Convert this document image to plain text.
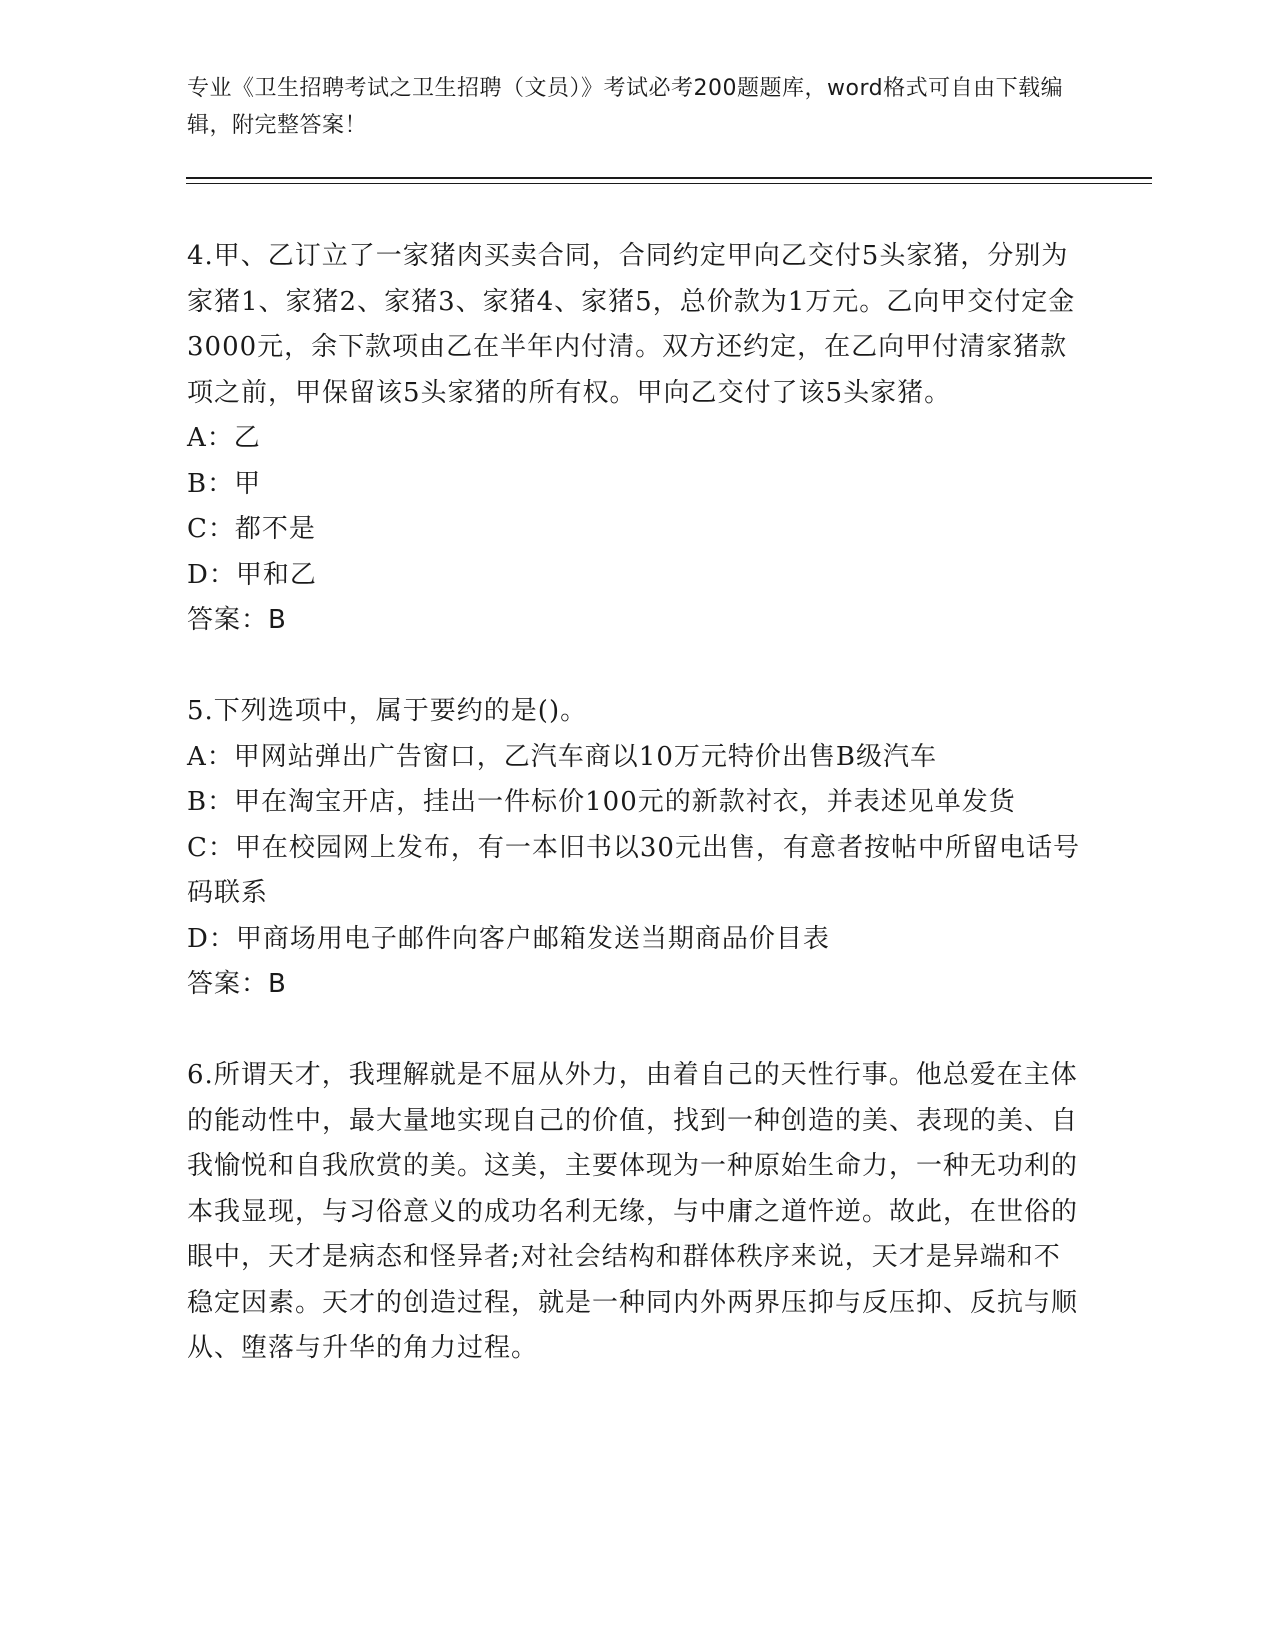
专业《卫生招聘考试之卫生招聘（文员）》考试必考200题题库，word格式可自由下载编辑，附完整答案！

4.甲、乙订立了一家猪肉买卖合同，合同约定甲向乙交付5头家猪，分别为家猪1、家猪2、家猪3、家猪4、家猪5，总价款为1万元。乙向甲交付定金3000元，余下款项由乙在半年内付清。双方还约定，在乙向甲付清家猪款项之前，甲保留该5头家猪的所有权。甲向乙交付了该5头家猪。

A：乙

B：甲

C：都不是

D：甲和乙

答案：B

5.下列选项中，属于要约的是()。

A：甲网站弹出广告窗口，乙汽车商以10万元特价出售B级汽车

B：甲在淘宝开店，挂出一件标价100元的新款衬衣，并表述见单发货

C：甲在校园网上发布，有一本旧书以30元出售，有意者按帖中所留电话号码联系

D：甲商场用电子邮件向客户邮箱发送当期商品价目表

答案：B

6.所谓天才，我理解就是不屈从外力，由着自己的天性行事。他总爱在主体的能动性中，最大量地实现自己的价值，找到一种创造的美、表现的美、自我愉悦和自我欣赏的美。这美，主要体现为一种原始生命力，一种无功利的本我显现，与习俗意义的成功名利无缘，与中庸之道忤逆。故此，在世俗的眼中，天才是病态和怪异者;对社会结构和群体秩序来说，天才是异端和不稳定因素。天才的创造过程，就是一种同内外两界压抑与反压抑、反抗与顺从、堕落与升华的角力过程。
